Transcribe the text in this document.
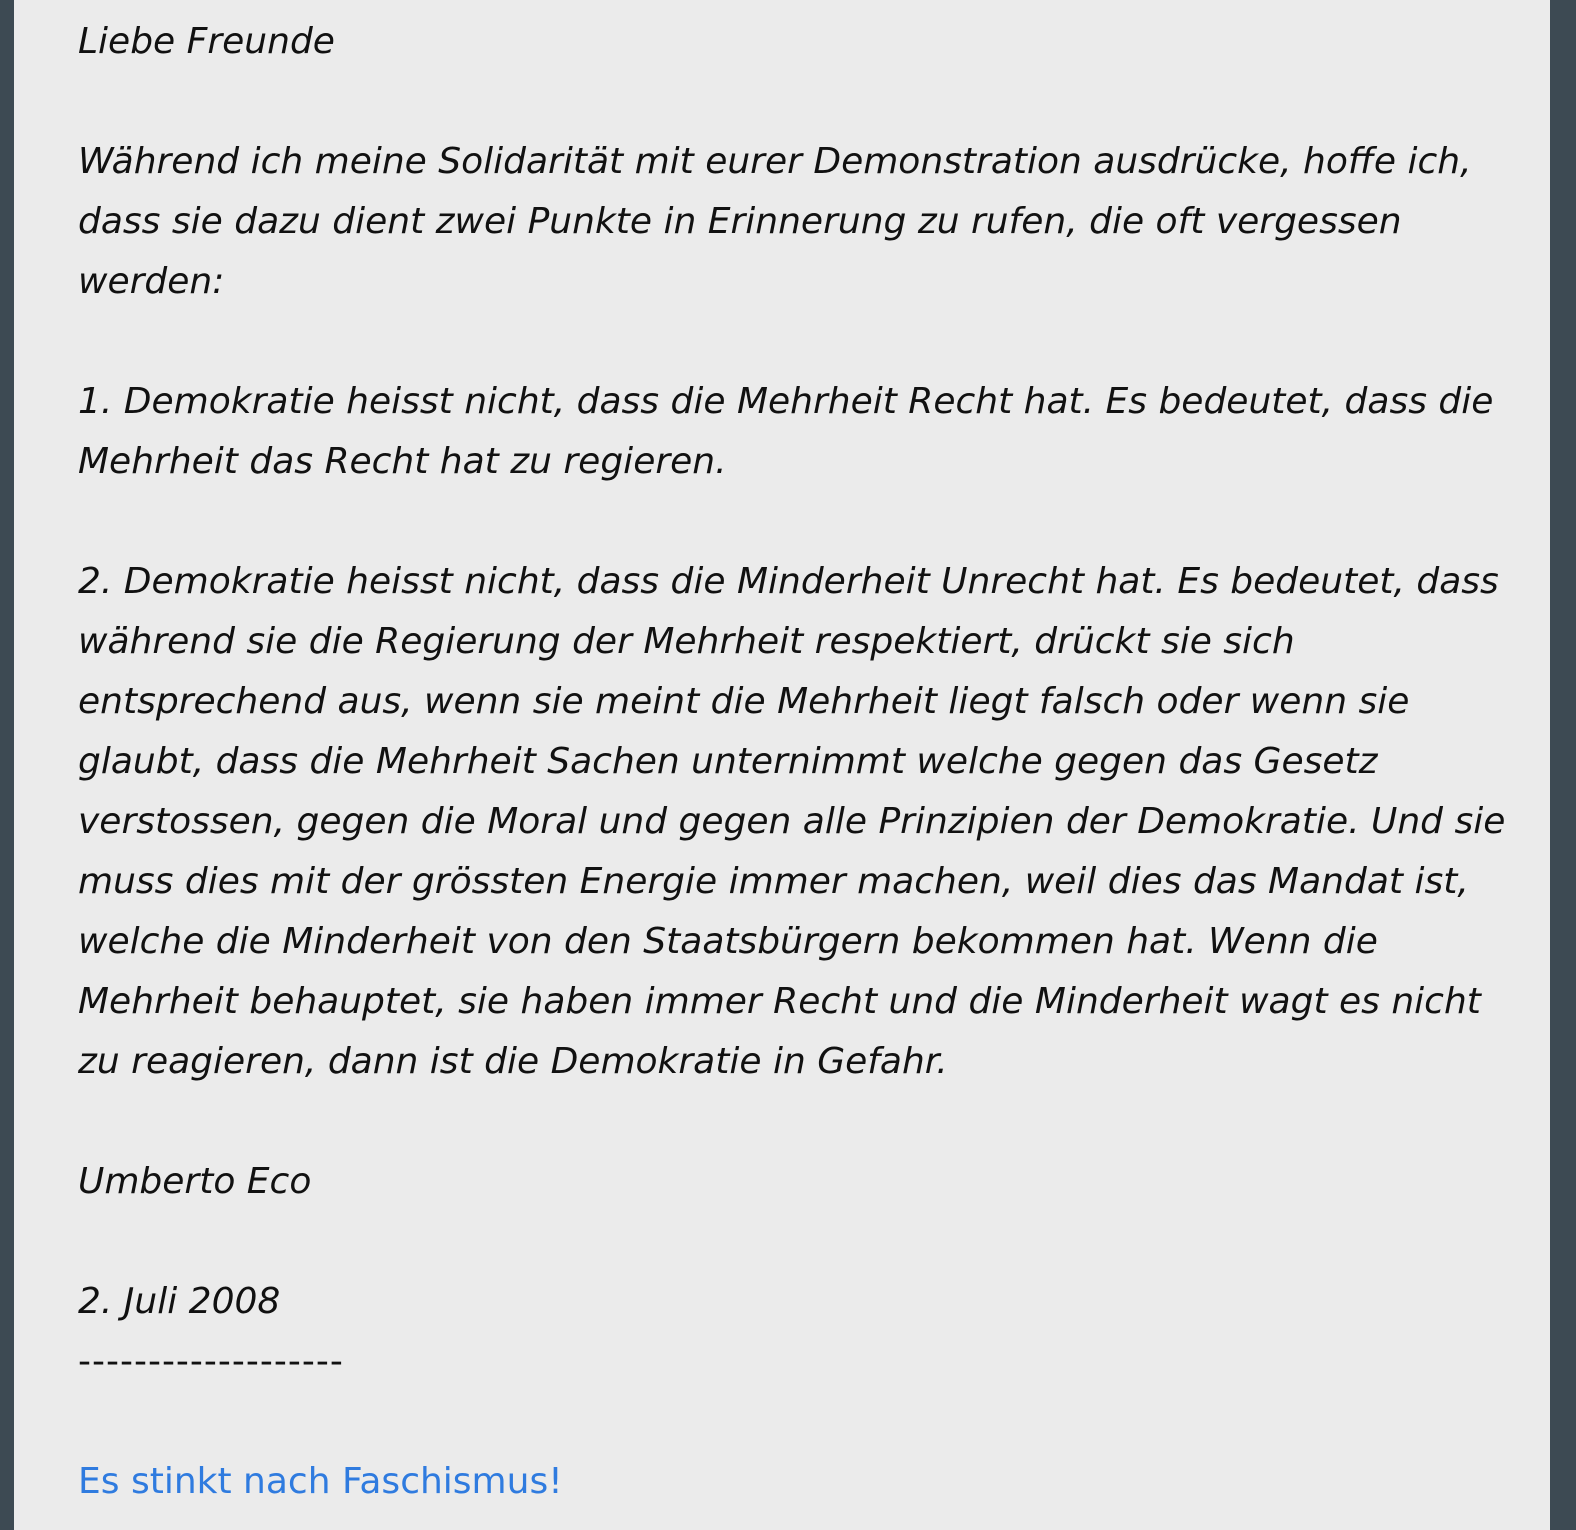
Liebe Freunde

Während ich meine Solidarität mit eurer Demonstration ausdrücke, hoffe ich, dass sie dazu dient zwei Punkte in Erinnerung zu rufen, die oft vergessen werden:

1. Demokratie heisst nicht, dass die Mehrheit Recht hat. Es bedeutet, dass die Mehrheit das Recht hat zu regieren.

2. Demokratie heisst nicht, dass die Minderheit Unrecht hat. Es bedeutet, dass während sie die Regierung der Mehrheit respektiert, drückt sie sich entsprechend aus, wenn sie meint die Mehrheit liegt falsch oder wenn sie glaubt, dass die Mehrheit Sachen unternimmt welche gegen das Gesetz verstossen, gegen die Moral und gegen alle Prinzipien der Demokratie. Und sie muss dies mit der grössten Energie immer machen, weil dies das Mandat ist, welche die Minderheit von den Staatsbürgern bekommen hat. Wenn die Mehrheit behauptet, sie haben immer Recht und die Minderheit wagt es nicht zu reagieren, dann ist die Demokratie in Gefahr.

Umberto Eco

2. Juli 2008

-------------------

Es stinkt nach Faschismus!
